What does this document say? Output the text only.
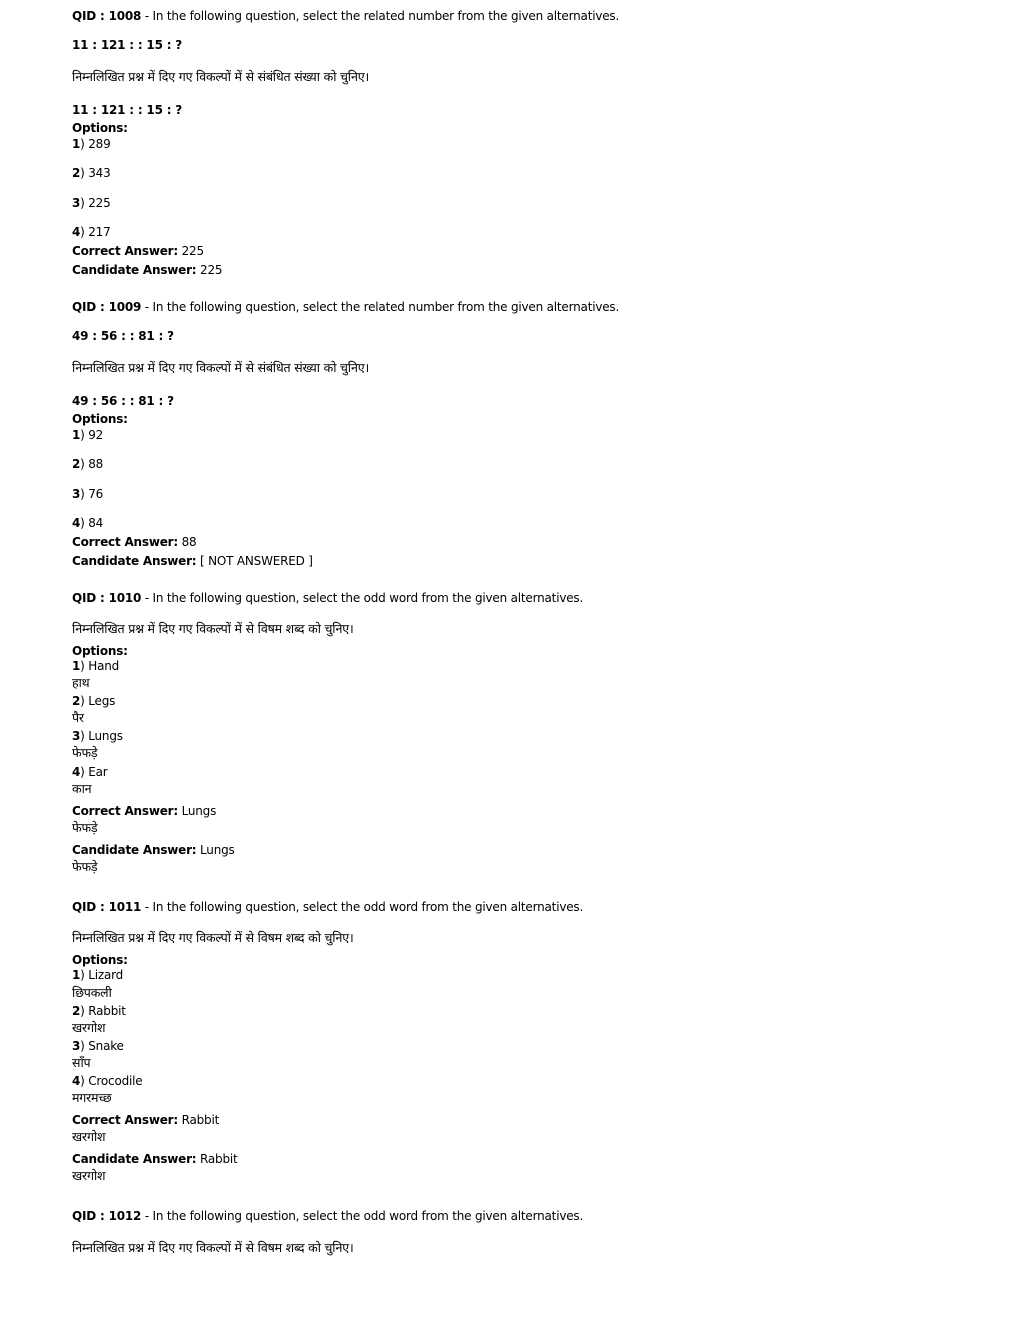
QID : 1008 - In the following question, select the related number from the given alternatives.
11 : 121 : : 15 : ?
निम्नलिखित प्रश्न में दिए गए विकल्पों में से संबंधित संख्या को चुनिए।
11 : 121 : : 15 : ?
Options:
1) 289
2) 343
3) 225
4) 217
Correct Answer: 225
Candidate Answer: 225
QID : 1009 - In the following question, select the related number from the given alternatives.
49 : 56 : : 81 : ?
निम्नलिखित प्रश्न में दिए गए विकल्पों में से संबंधित संख्या को चुनिए।
49 : 56 : : 81 : ?
Options:
1) 92
2) 88
3) 76
4) 84
Correct Answer: 88
Candidate Answer: [ NOT ANSWERED ]
QID : 1010 - In the following question, select the odd word from the given alternatives.
निम्नलिखित प्रश्न में दिए गए विकल्पों में से विषम शब्द को चुनिए।
Options:
1) Hand
हाथ
2) Legs
पैर
3) Lungs
फेफड़े
4) Ear
कान
Correct Answer: Lungs
फेफड़े
Candidate Answer: Lungs
फेफड़े
QID : 1011 - In the following question, select the odd word from the given alternatives.
निम्नलिखित प्रश्न में दिए गए विकल्पों में से विषम शब्द को चुनिए।
Options:
1) Lizard
छिपकली
2) Rabbit
खरगोश
3) Snake
साँप
4) Crocodile
मगरमच्छ
Correct Answer: Rabbit
खरगोश
Candidate Answer: Rabbit
खरगोश
QID : 1012 - In the following question, select the odd word from the given alternatives.
निम्नलिखित प्रश्न में दिए गए विकल्पों में से विषम शब्द को चुनिए।
